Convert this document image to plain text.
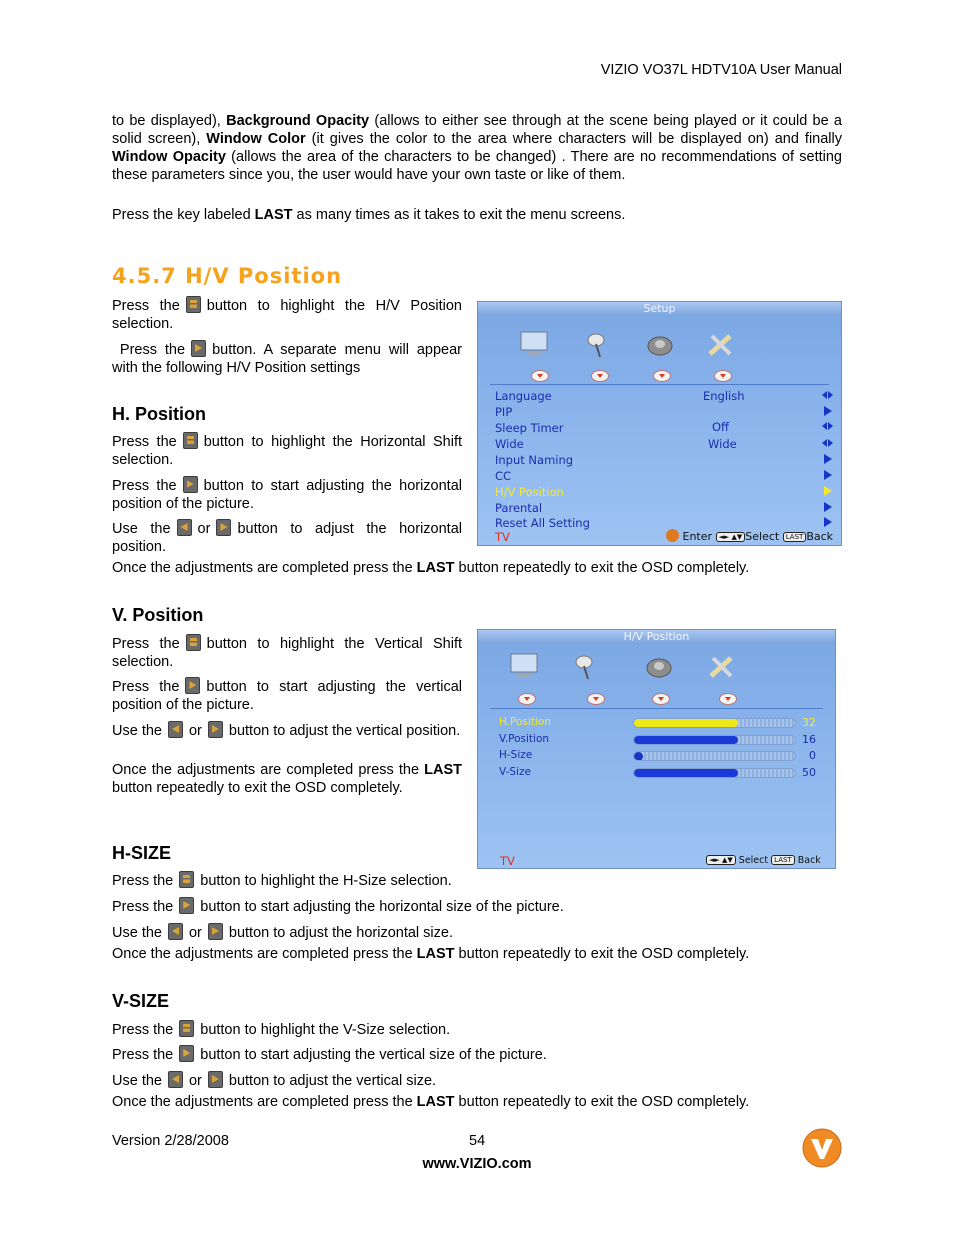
VIZIO VO37L HDTV10A User Manual

to be displayed), Background Opacity (allows to either see through at the scene being played or it could be a solid screen), Window Color (it gives the color to the area where characters will be displayed on) and finally Window Opacity (allows the area of the characters to be changed) . There are no recommendations of setting these parameters since you, the user would have your own taste or like of them.

Press the key labeled LAST as many times as it takes to exit the menu screens.

4.5.7 H/V Position

Press the button to highlight the H/V Position selection.

Press the button. A separate menu will appear with the following H/V Position settings

Setup
Language	English
PIP
Sleep Timer	Off
Wide	Wide
Input Naming
CC
H/V Position
Parental
Reset All Setting
TV	Enter ◄► ▲▼ Select LAST Back
H. Position

Press the button to highlight the Horizontal Shift selection.

Press the button to start adjusting the horizontal position of the picture.

Use the or button to adjust the horizontal position.

Once the adjustments are completed press the LAST button repeatedly to exit the OSD completely.

V. Position

Press the button to highlight the Vertical Shift selection.

Press the button to start adjusting the vertical position of the picture.

Use the or button to adjust the vertical position.

Once the adjustments are completed press the LAST button repeatedly to exit the OSD completely.

H/V Position
H.Position	32
V.Position	16
H-Size	0
V-Size	50
TV	◄► ▲▼ Select LAST Back
H-SIZE

Press the button to highlight the H-Size selection.

Press the button to start adjusting the horizontal size of the picture.

Use the or button to adjust the horizontal size.

Once the adjustments are completed press the LAST button repeatedly to exit the OSD completely.

V-SIZE

Press the button to highlight the V-Size selection.

Press the button to start adjusting the vertical size of the picture.

Use the or button to adjust the vertical size.

Once the adjustments are completed press the LAST button repeatedly to exit the OSD completely.

Version 2/28/2008	54
www.VIZIO.com
